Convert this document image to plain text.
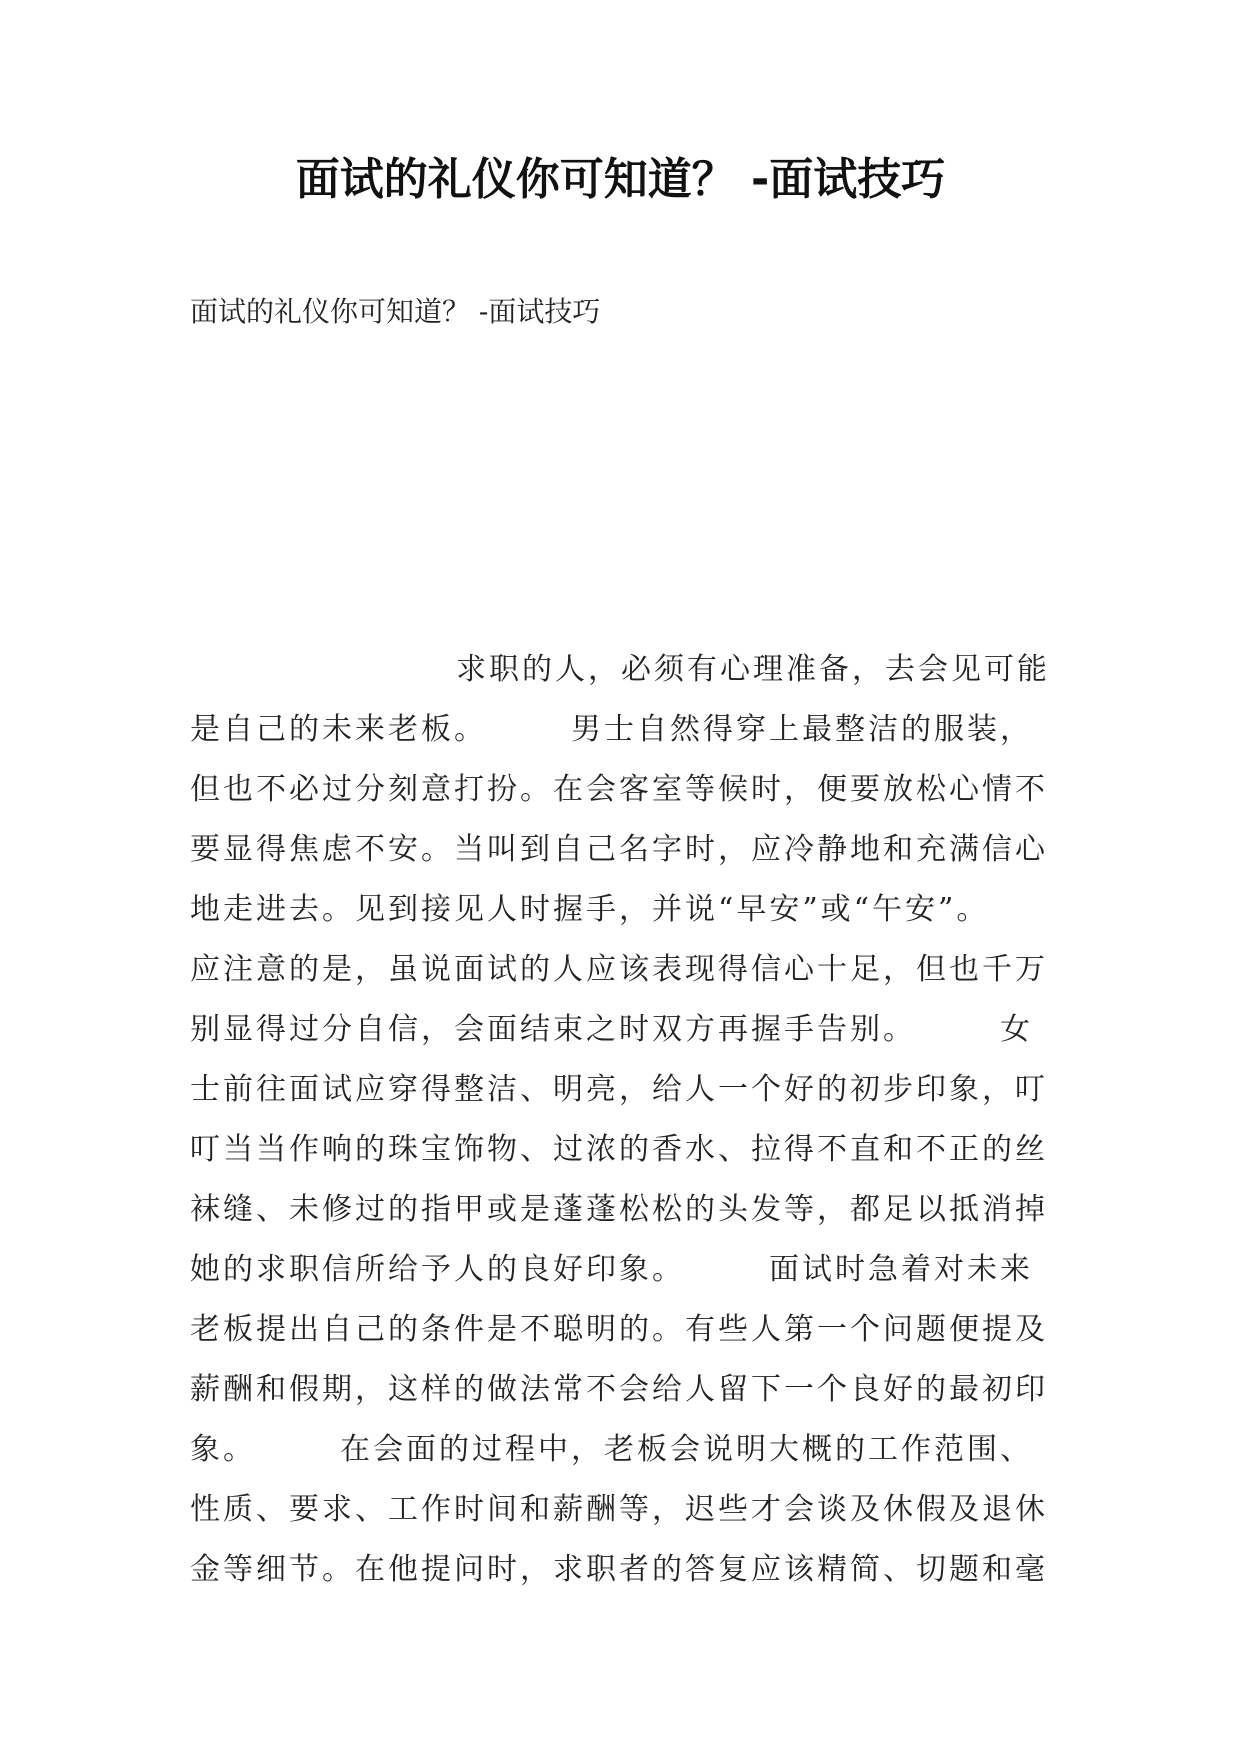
面试的礼仪你可知道？ -面试技巧

面试的礼仪你可知道？ -面试技巧

求职的人，必须有心理准备，去会见可能
是自己的未来老板。　　　男士自然得穿上最整洁的服装，
但也不必过分刻意打扮。在会客室等候时，便要放松心情不
要显得焦虑不安。当叫到自己名字时，应冷静地和充满信心
地走进去。见到接见人时握手，并说“早安”或“午安”。
应注意的是，虽说面试的人应该表现得信心十足，但也千万
别显得过分自信，会面结束之时双方再握手告别。　　　女
士前往面试应穿得整洁、明亮，给人一个好的初步印象，叮
叮当当作响的珠宝饰物、过浓的香水、拉得不直和不正的丝
袜缝、未修过的指甲或是蓬蓬松松的头发等，都足以抵消掉
她的求职信所给予人的良好印象。　　　面试时急着对未来
老板提出自己的条件是不聪明的。有些人第一个问题便提及
薪酬和假期，这样的做法常不会给人留下一个良好的最初印
象。　　　在会面的过程中，老板会说明大概的工作范围、
性质、要求、工作时间和薪酬等，迟些才会谈及休假及退休
金等细节。在他提问时，求职者的答复应该精简、切题和毫
